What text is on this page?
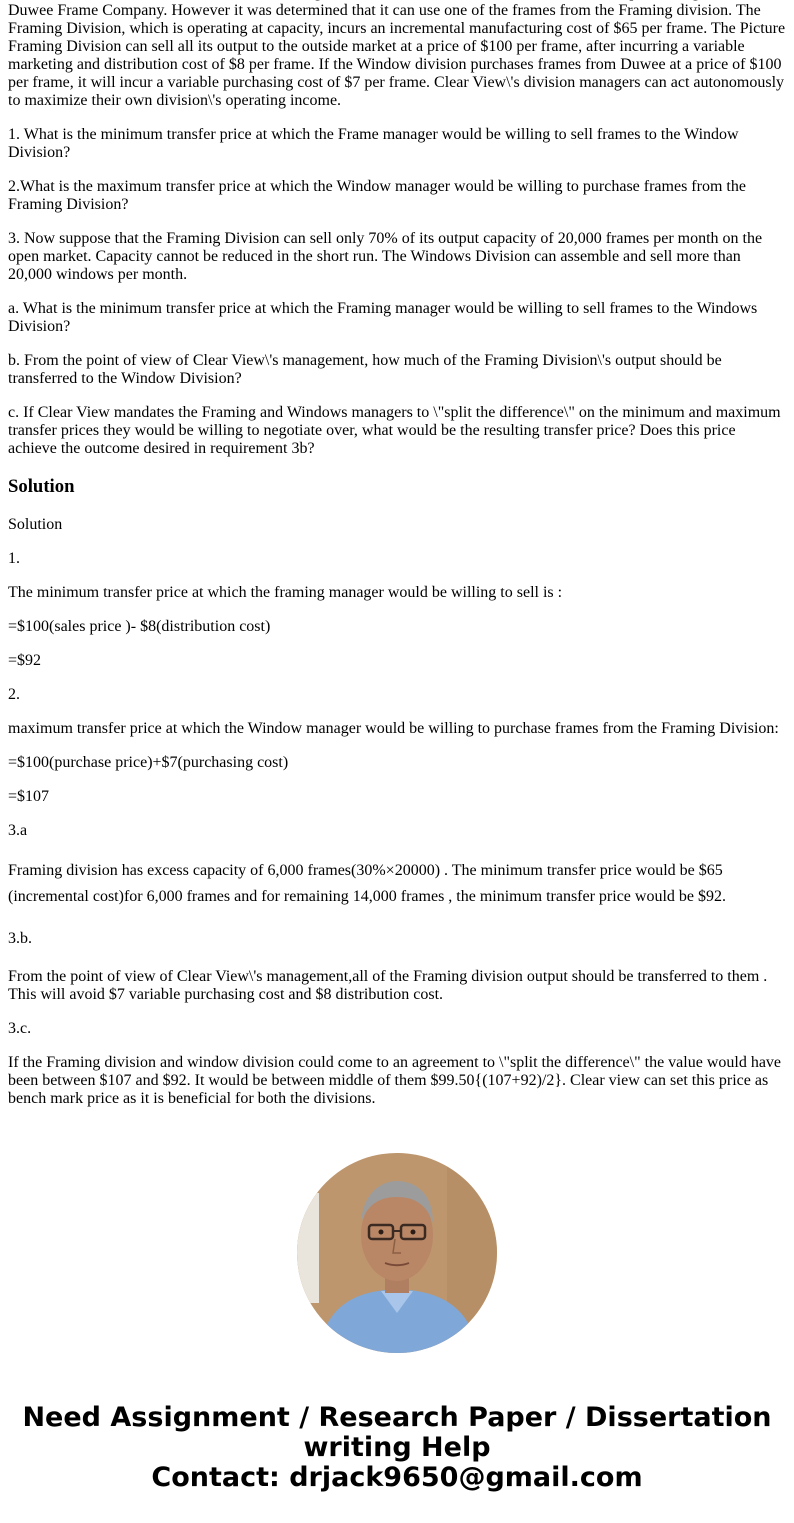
Duwee Frame Company. However it was determined that it can use one of the frames from the Framing division. The Framing Division, which is operating at capacity, incurs an incremental manufacturing cost of $65 per frame. The Picture Framing Division can sell all its output to the outside market at a price of $100 per frame, after incurring a variable marketing and distribution cost of $8 per frame. If the Window division purchases frames from Duwee at a price of $100 per frame, it will incur a variable purchasing cost of $7 per frame. Clear View\'s division managers can act autonomously to maximize their own division\'s operating income.

1. What is the minimum transfer price at which the Frame manager would be willing to sell frames to the Window Division?

2.What is the maximum transfer price at which the Window manager would be willing to purchase frames from the Framing Division?

3. Now suppose that the Framing Division can sell only 70% of its output capacity of 20,000 frames per month on the open market. Capacity cannot be reduced in the short run. The Windows Division can assemble and sell more than 20,000 windows per month.

a. What is the minimum transfer price at which the Framing manager would be willing to sell frames to the Windows Division?

b. From the point of view of Clear View\'s management, how much of the Framing Division\'s output should be transferred to the Window Division?

c. If Clear View mandates the Framing and Windows managers to \"split the difference\" on the minimum and maximum transfer prices they would be willing to negotiate over, what would be the resulting transfer price? Does this price achieve the outcome desired in requirement 3b?

Solution

Solution

1.

The minimum transfer price at which the framing manager would be willing to sell is :

=$100(sales price )- $8(distribution cost)

=$92

2.

maximum transfer price at which the Window manager would be willing to purchase frames from the Framing Division:

=$100(purchase price)+$7(purchasing cost)

=$107

3.a

Framing division has excess capacity of 6,000 frames(30%×20000) . The minimum transfer price would be $65 (incremental cost)for 6,000 frames and for remaining 14,000 frames , the minimum transfer price would be $92.

3.b.

From the point of view of Clear View\'s management,all of the Framing division output should be transferred to them . This will avoid $7 variable purchasing cost and $8 distribution cost.

3.c.

If the Framing division and window division could come to an agreement to \"split the difference\" the value would have been between $107 and $92. It would be between middle of them $99.50{(107+92)/2}. Clear view can set this price as bench mark price as it is beneficial for both the divisions.

Need Assignment / Research Paper / Dissertation
writing Help
Contact: drjack9650@gmail.com
